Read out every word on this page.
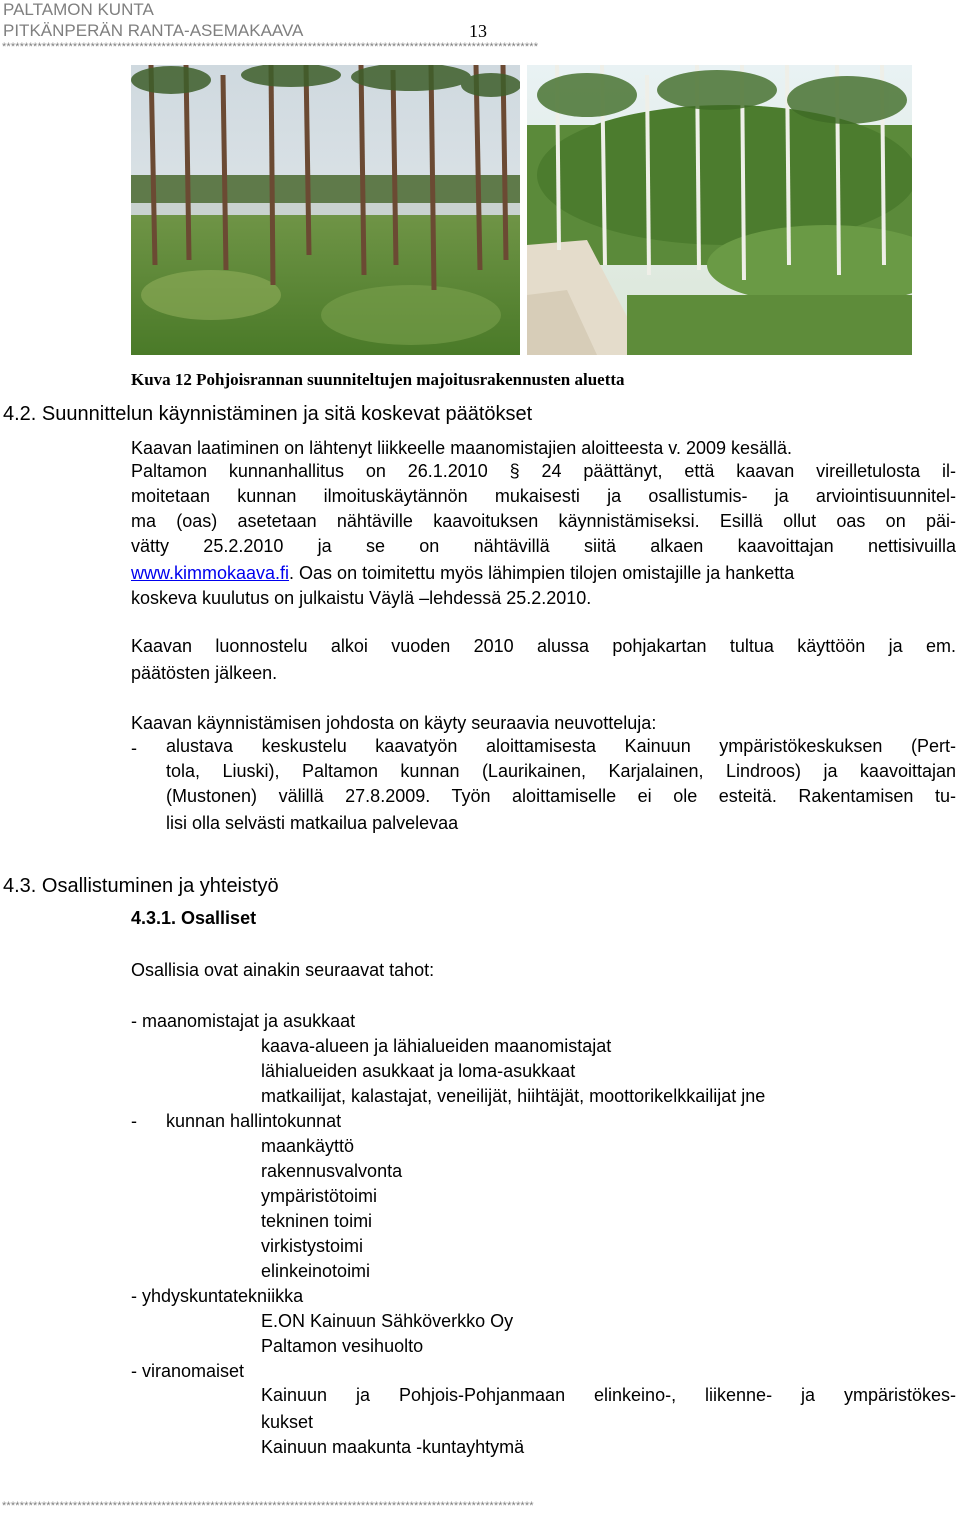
PALTAMON KUNTA
PITKÄNPERÄN RANTA-ASEMAKAAVA	13
*************************************************************************************************************************
Kuva 12 Pohjoisrannan suunniteltujen majoitusrakennusten aluetta
4.2. Suunnittelun käynnistäminen ja sitä koskevat päätökset
Kaavan laatiminen on lähtenyt liikkeelle maanomistajien aloitteesta v. 2009 kesällä.
Paltamon kunnanhallitus on 26.1.2010 § 24 päättänyt, että kaavan vireilletulosta il-
moitetaan kunnan ilmoituskäytännön mukaisesti ja osallistumis- ja arviointisuunnitel-
ma (oas) asetetaan nähtäville kaavoituksen käynnistämiseksi. Esillä ollut oas on päi-
vätty 25.2.2010 ja se on nähtävillä siitä alkaen kaavoittajan nettisivuilla
www.kimmokaava.fi. Oas on toimitettu myös lähimpien tilojen omistajille ja hanketta
koskeva kuulutus on julkaistu Väylä –lehdessä 25.2.2010.
Kaavan luonnostelu alkoi vuoden 2010 alussa pohjakartan tultua käyttöön ja em.
päätösten jälkeen.
Kaavan käynnistämisen johdosta on käyty seuraavia neuvotteluja:
- alustava keskustelu kaavatyön aloittamisesta Kainuun ympäristökeskuksen (Pert-
tola, Liuski), Paltamon kunnan (Laurikainen, Karjalainen, Lindroos) ja kaavoittajan
(Mustonen) välillä 27.8.2009. Työn aloittamiselle ei ole esteitä. Rakentamisen tu-
lisi olla selvästi matkailua palvelevaa
4.3. Osallistuminen ja yhteistyö
4.3.1. Osalliset
Osallisia ovat ainakin seuraavat tahot:
- maanomistajat ja asukkaat
kaava-alueen ja lähialueiden maanomistajat
lähialueiden asukkaat ja loma-asukkaat
matkailijat, kalastajat, veneilijät, hiihtäjät, moottorikelkkailijat jne
- kunnan hallintokunnat
maankäyttö
rakennusvalvonta
ympäristötoimi
tekninen toimi
virkistystoimi
elinkeinotoimi
- yhdyskuntatekniikka
E.ON Kainuun Sähköverkko Oy
Paltamon vesihuolto
- viranomaiset
Kainuun ja Pohjois-Pohjanmaan elinkeino-, liikenne- ja ympäristökes-
kukset
Kainuun maakunta -kuntayhtymä
************************************************************************************************************************
